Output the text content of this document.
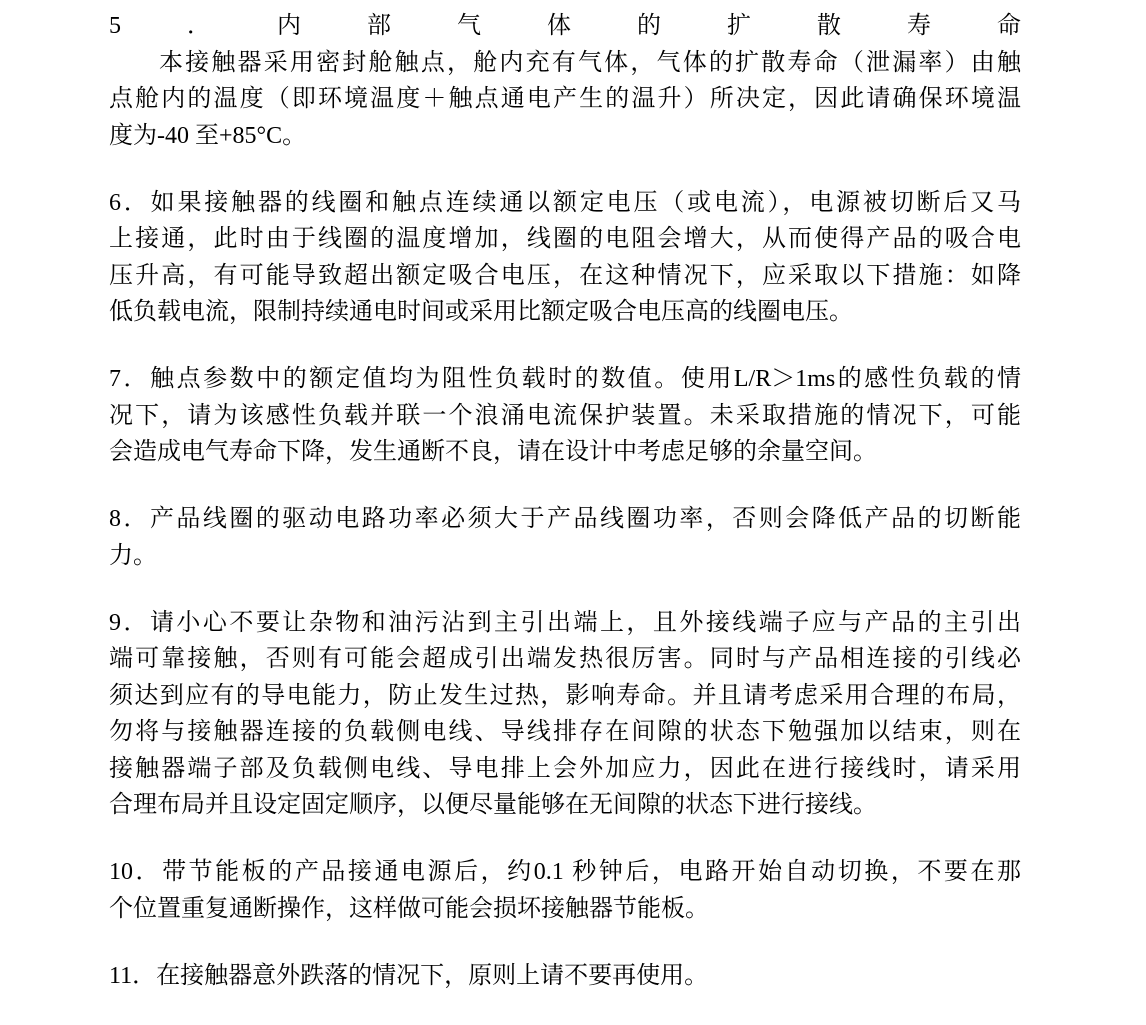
5．内部气体的扩散寿命
本接触器采用密封舱触点，舱内充有气体，气体的扩散寿命（泄漏率）由触
点舱内的温度（即环境温度＋触点通电产生的温升）所决定，因此请确保环境温
度为-40 至+85°C。
6．如果接触器的线圈和触点连续通以额定电压（或电流），电源被切断后又马
上接通，此时由于线圈的温度增加，线圈的电阻会增大，从而使得产品的吸合电
压升高，有可能导致超出额定吸合电压，在这种情况下，应采取以下措施：如降
低负载电流，限制持续通电时间或采用比额定吸合电压高的线圈电压。
7．触点参数中的额定值均为阻性负载时的数值。使用L/R＞1ms的感性负载的情
况下，请为该感性负载并联一个浪涌电流保护装置。未采取措施的情况下，可能
会造成电气寿命下降，发生通断不良，请在设计中考虑足够的余量空间。
8．产品线圈的驱动电路功率必须大于产品线圈功率，否则会降低产品的切断能
力。
9．请小心不要让杂物和油污沾到主引出端上，且外接线端子应与产品的主引出
端可靠接触，否则有可能会超成引出端发热很厉害。同时与产品相连接的引线必
须达到应有的导电能力，防止发生过热，影响寿命。并且请考虑采用合理的布局，
勿将与接触器连接的负载侧电线、导线排存在间隙的状态下勉强加以结束，则在
接触器端子部及负载侧电线、导电排上会外加应力，因此在进行接线时，请采用
合理布局并且设定固定顺序，以便尽量能够在无间隙的状态下进行接线。
10．带节能板的产品接通电源后，约0.1 秒钟后，电路开始自动切换，不要在那
个位置重复通断操作，这样做可能会损坏接触器节能板。
11．在接触器意外跌落的情况下，原则上请不要再使用。
